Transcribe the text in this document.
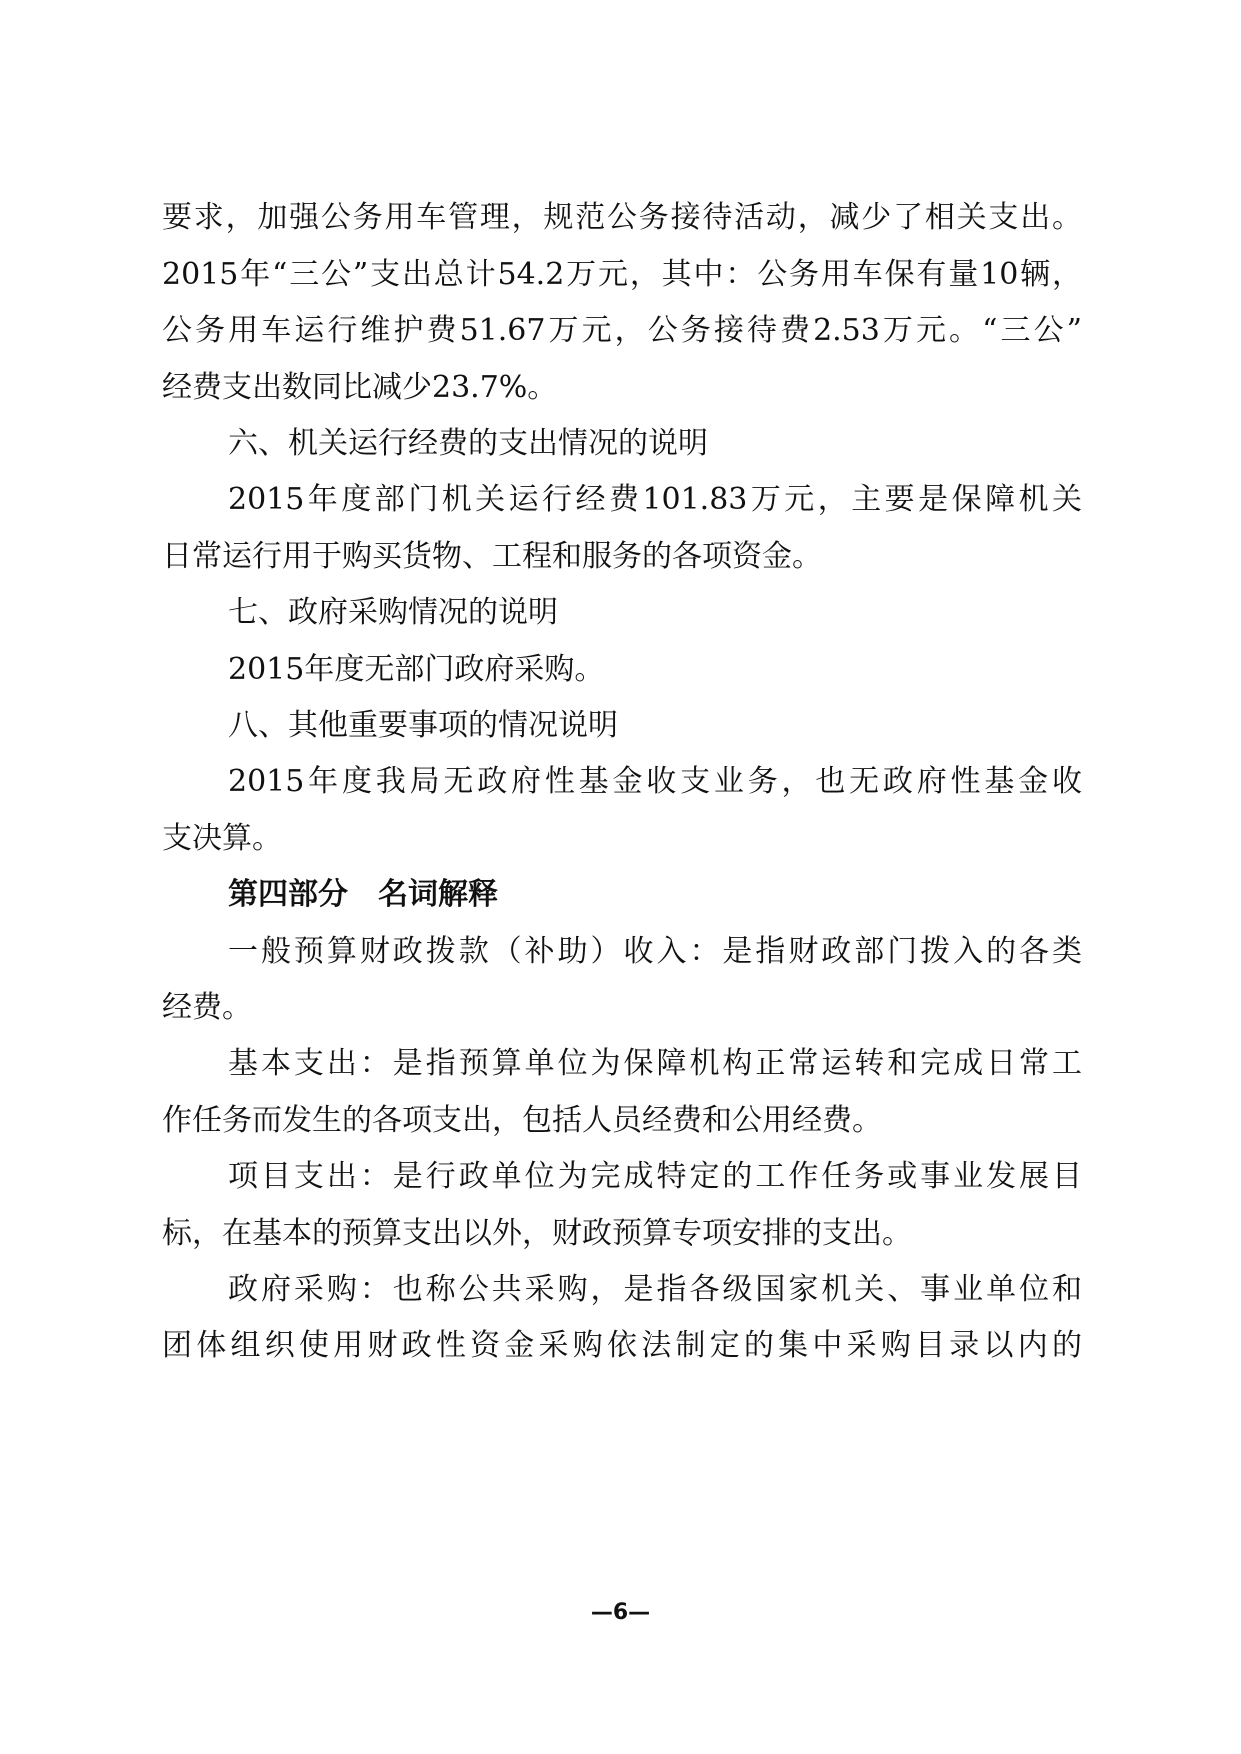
要求，加强公务用车管理，规范公务接待活动，减少了相关支出。
2015年“三公”支出总计54.2万元，其中：公务用车保有量10辆，
公务用车运行维护费51.67万元，公务接待费2.53万元。“三公”
经费支出数同比减少23.7%。
六、机关运行经费的支出情况的说明
2015年度部门机关运行经费101.83万元，主要是保障机关
日常运行用于购买货物、工程和服务的各项资金。
七、政府采购情况的说明
2015年度无部门政府采购。
八、其他重要事项的情况说明
2015年度我局无政府性基金收支业务，也无政府性基金收
支决算。
第四部分　名词解释
一般预算财政拨款（补助）收入：是指财政部门拨入的各类
经费。
基本支出：是指预算单位为保障机构正常运转和完成日常工
作任务而发生的各项支出，包括人员经费和公用经费。
项目支出：是行政单位为完成特定的工作任务或事业发展目
标，在基本的预算支出以外，财政预算专项安排的支出。
政府采购：也称公共采购，是指各级国家机关、事业单位和
团体组织使用财政性资金采购依法制定的集中采购目录以内的
—6—
